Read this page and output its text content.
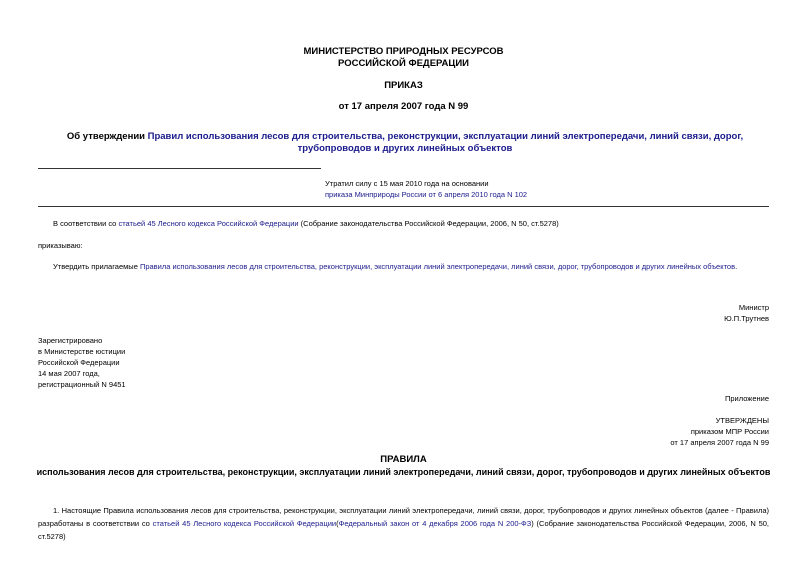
МИНИСТЕРСТВО ПРИРОДНЫХ РЕСУРСОВ
РОССИЙСКОЙ ФЕДЕРАЦИИ
ПРИКАЗ
от 17 апреля 2007 года N 99
Об утверждении Правил использования лесов для строительства, реконструкции, эксплуатации линий электропередачи, линий связи, дорог, трубопроводов и других линейных объектов
Утратил силу с 15 мая 2010 года на основании
приказа Минприроды России от 6 апреля 2010 года N 102
В соответствии со статьей 45 Лесного кодекса Российской Федерации (Собрание законодательства Российской Федерации, 2006, N 50, ст.5278)
приказываю:
Утвердить прилагаемые Правила использования лесов для строительства, реконструкции, эксплуатации линий электропередачи, линий связи, дорог, трубопроводов и других линейных объектов.
Министр
Ю.П.Трутнев
Зарегистрировано
в Министерстве юстиции
Российской Федерации
14 мая 2007 года,
регистрационный N 9451
Приложение
УТВЕРЖДЕНЫ
приказом МПР России
от 17 апреля 2007 года N 99
ПРАВИЛА
использования лесов для строительства, реконструкции, эксплуатации линий электропередачи, линий связи, дорог, трубопроводов и других линейных объектов
1. Настоящие Правила использования лесов для строительства, реконструкции, эксплуатации линий электропередачи, линий связи, дорог, трубопроводов и других линейных объектов (далее - Правила) разработаны в соответствии со статьей 45 Лесного кодекса Российской Федерации(Федеральный закон от 4 декабря 2006 года N 200-ФЗ) (Собрание законодательства Российской Федерации, 2006, N 50, ст.5278)
